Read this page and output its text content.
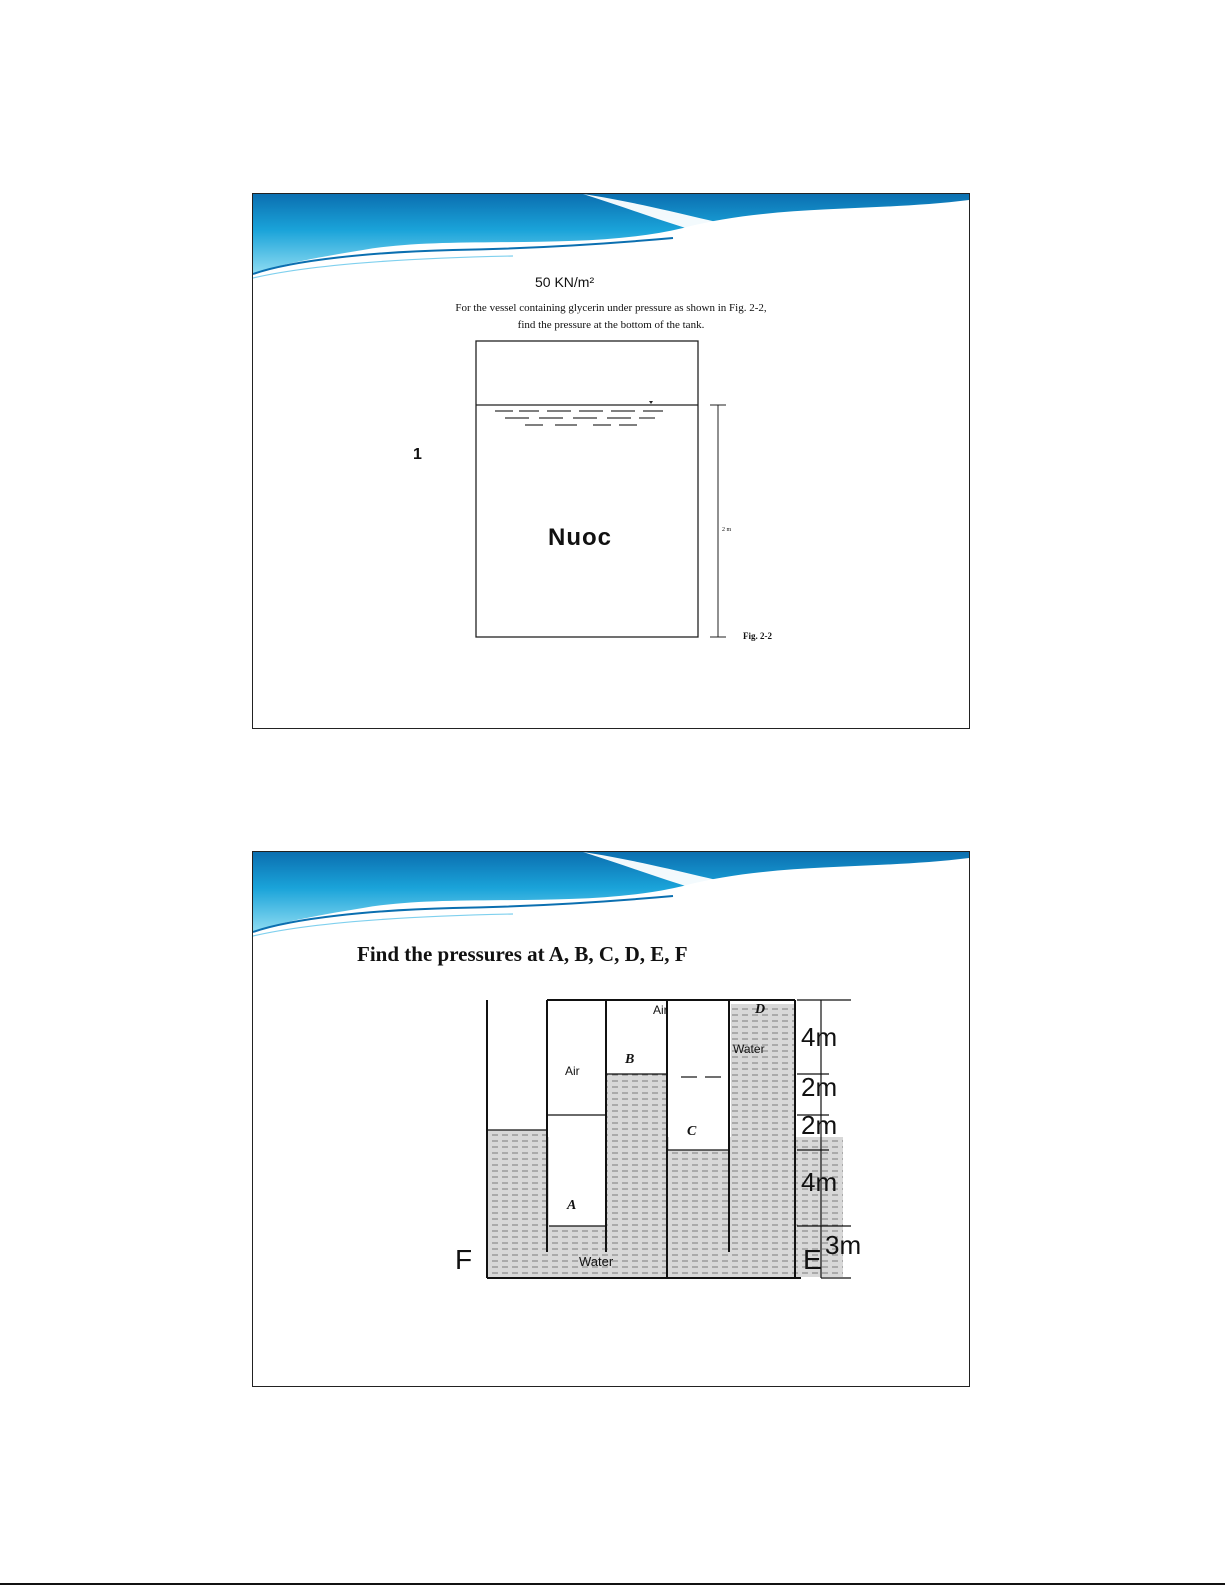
For the vessel containing glycerin under pressure as shown in Fig. 2-2,
find the pressure at the bottom of the tank.
50 KN/m²
Nuoc	2 m
Fig. 2-2
1
Find the pressures at A, B, C, D, E, F
Air
Air
Water
Water
B
C
D
A
F	E
4m
2m
2m
4m
3m
